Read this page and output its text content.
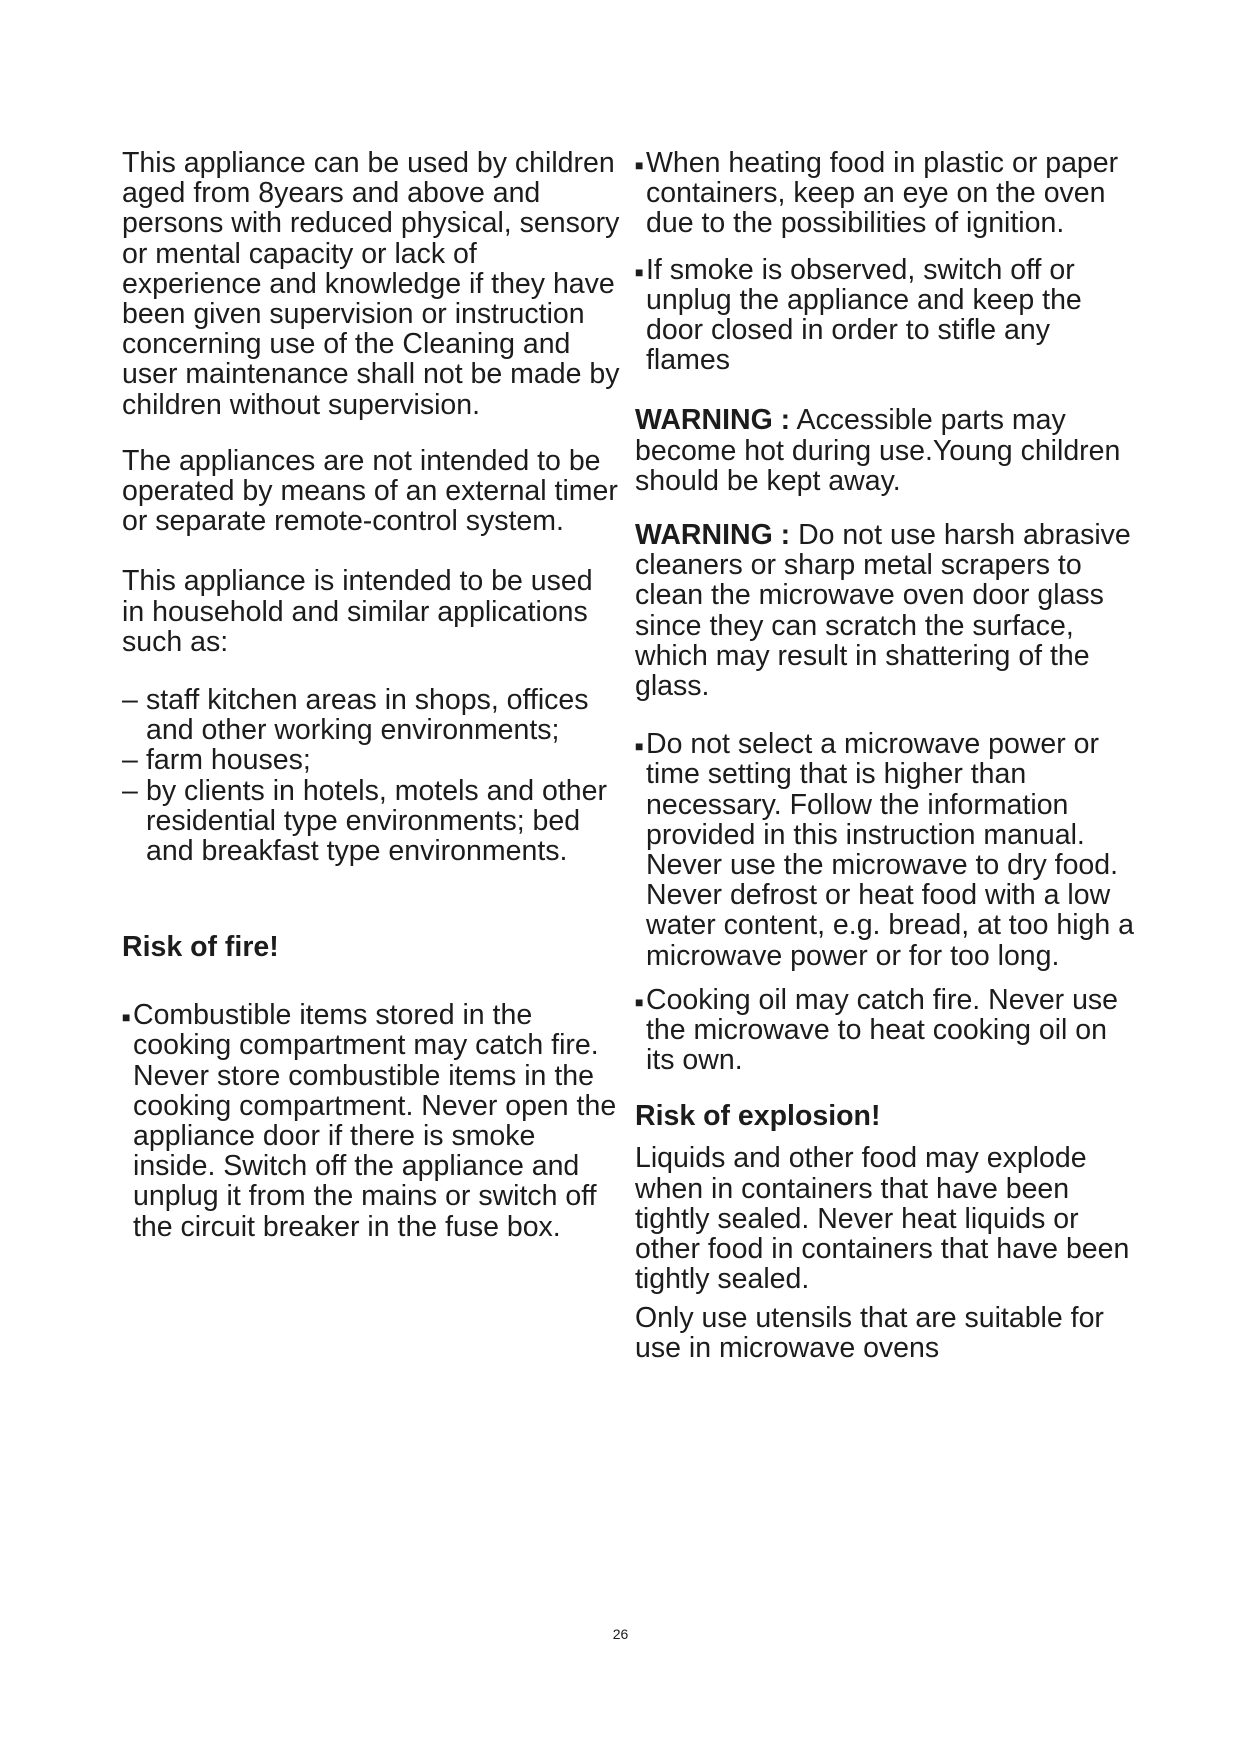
This appliance can be used by children aged from 8years and above and persons with reduced physical, sensory or mental capacity or lack of experience and knowledge if they have been given supervision or instruction concerning use of the Cleaning and user maintenance shall not be made by children without supervision.

The appliances are not intended to be operated by means of an external timer or separate remote-control system.

This appliance is intended to be used in household and similar applications such as:

– staff kitchen areas in shops, offices and other working environments;
– farm houses;
– by clients in hotels, motels and other residential type environments; bed and breakfast type environments.
Risk of fire!
■ Combustible items stored in the cooking compartment may catch fire. Never store combustible items in the cooking compartment. Never open the appliance door if there is smoke inside. Switch off the appliance and unplug it from the mains or switch off the circuit breaker in the fuse box.
■ When heating food in plastic or paper containers, keep an eye on the oven due to the possibilities of ignition.
■ If smoke is observed, switch off or unplug the appliance and keep the door closed in order to stifle any flames

WARNING : Accessible parts may become hot during use.Young children should be kept away.

WARNING : Do not use harsh abrasive cleaners or sharp metal scrapers to clean the microwave oven door glass since they can scratch the surface, which may result in shattering of the glass.

■ Do not select a microwave power or time setting that is higher than necessary. Follow the information provided in this instruction manual. Never use the microwave to dry food.
Never defrost or heat food with a low water content, e.g. bread, at too high a microwave power or for too long.
■ Cooking oil may catch fire. Never use the microwave to heat cooking oil on its own.
Risk of explosion!

Liquids and other food may explode when in containers that have been tightly sealed. Never heat liquids or other food in containers that have been tightly sealed.

Only use utensils that are suitable for use in microwave ovens

26
